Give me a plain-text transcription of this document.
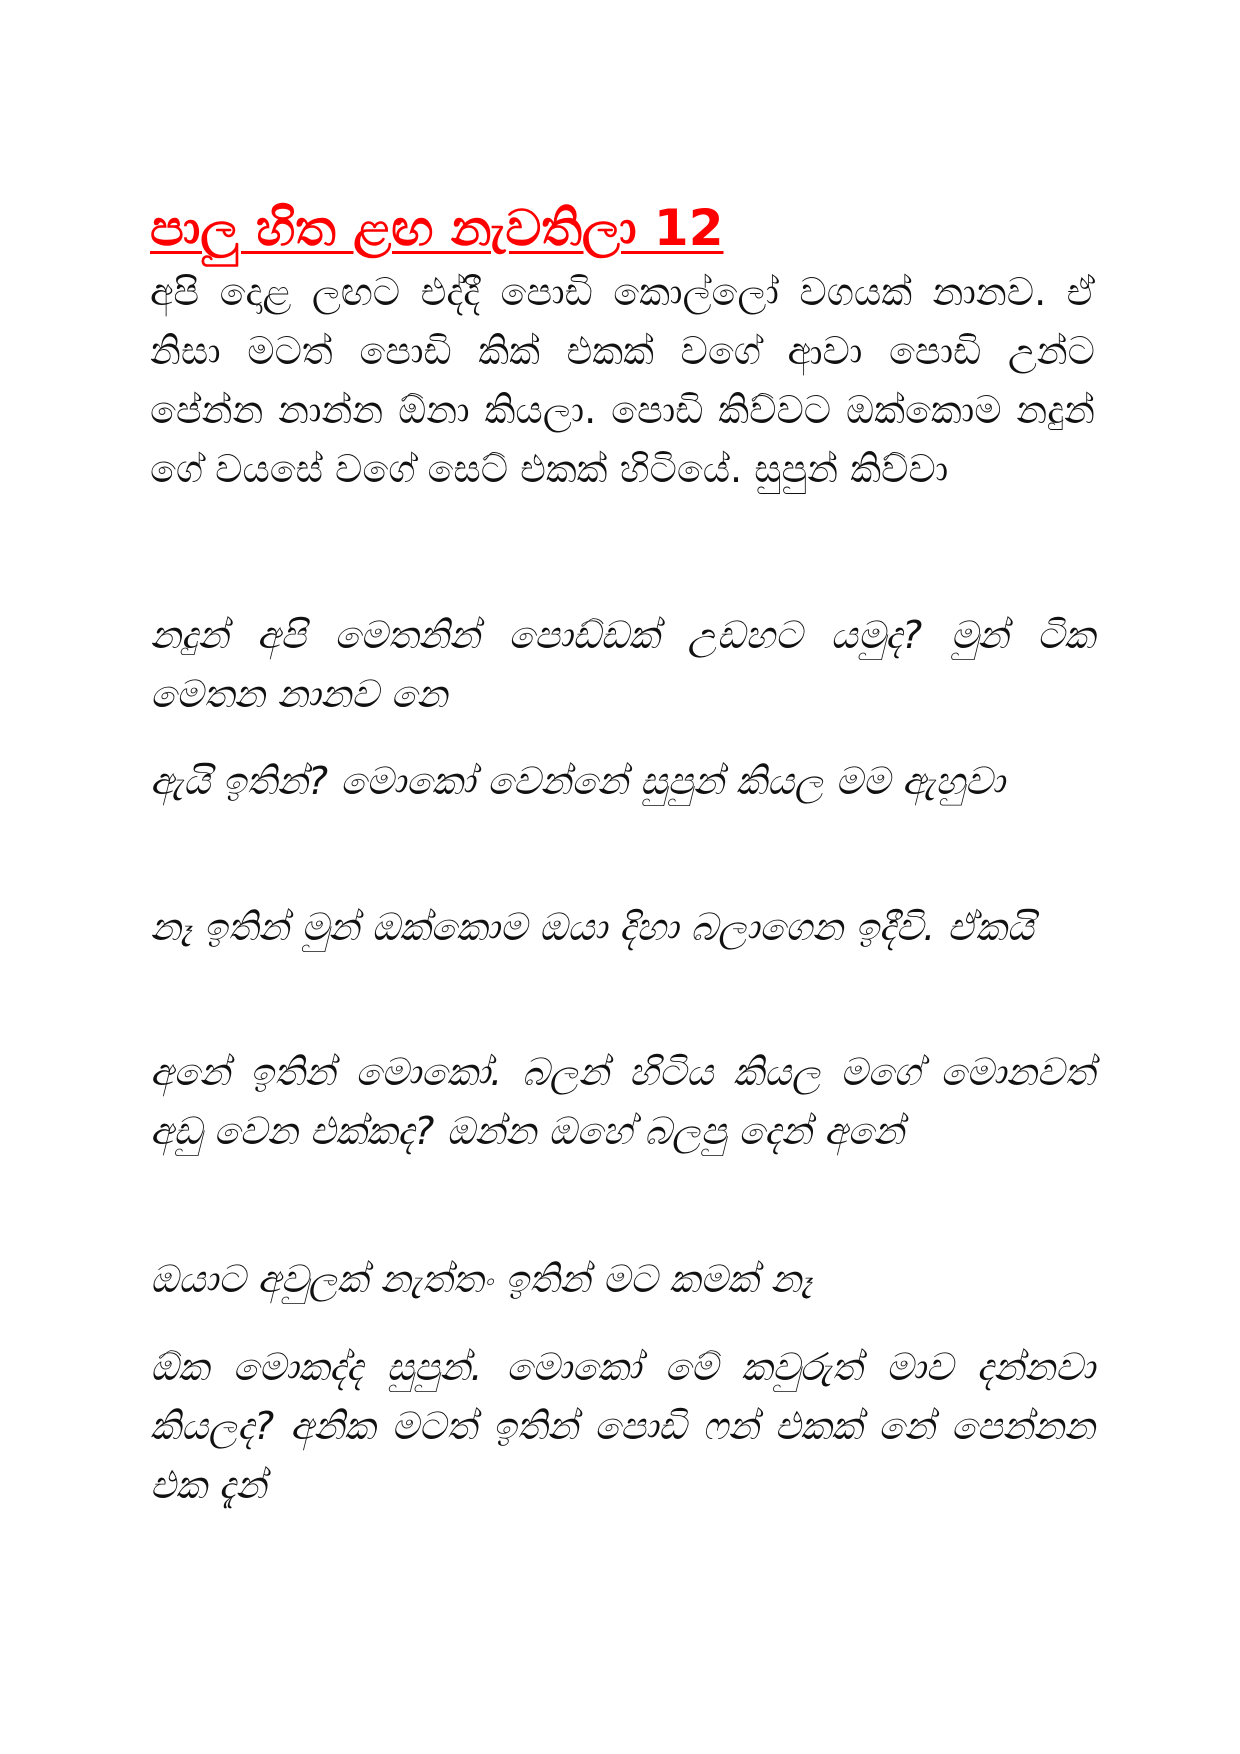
පාලු හිත ළඟ නැවතිලා 12

අපි දොළ ලඟට එද්දී පොඩි කොල්ලෝ වගයක් නානව. ඒ නිසා මටත් පොඩි කික් එකක් වගේ ආවා පොඩි උන්ට පේන්න නාන්න ඕනා කියලා. පොඩි කිව්වට ඔක්කොම නදුන් ගේ වයසේ වගේ සෙට් එකක් හිටියේ. සුපුන් කිව්වා

නදුන් අපි මෙතනින් පොඩ්ඩක් උඩහට යමුද? මුන් ටික මෙතන නානව නෙ

ඇයි ඉතින්? මොකෝ වෙන්නේ සුපුන් කියල මම ඇහුවා

නෑ ඉතින් මුන් ඔක්කොම ඔයා දිහා බලාගෙන ඉදීවි. ඒකයි

අනේ ඉතින් මොකෝ. බලන් හිටිය කියල මගේ මොනවත් අඩු වෙන එක්කද? ඔන්න ඔහේ බලපු දෙන් අනේ

ඔයාට අවුලක් නැත්තං ඉතින් මට කමක් නෑ

ඕක මොකද්ද සුපුන්. මොකෝ මේ කවුරුත් මාව දන්නවා කියලද? අනික මටත් ඉතින් පොඩි ෆන් එකක් නේ පෙන්නන එක දැන්
